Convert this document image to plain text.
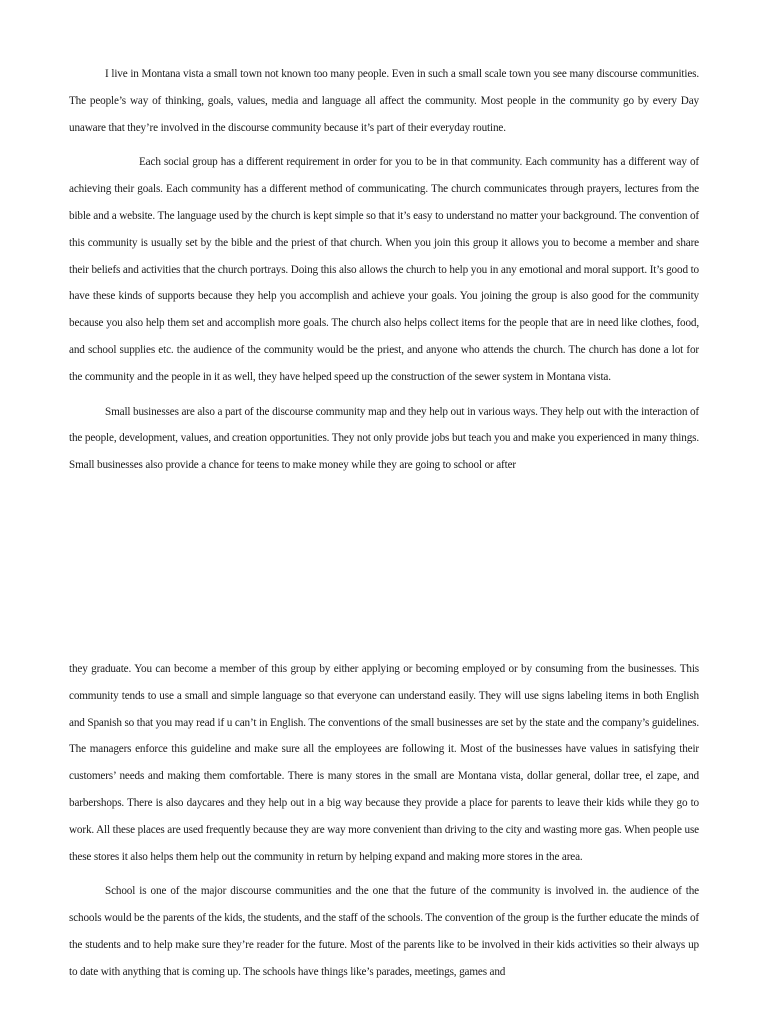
I live in Montana vista a small town not known too many people. Even in such a small scale town you see many discourse communities. The people’s way of thinking, goals, values, media and language all affect the community. Most people in the community go by every Day unaware that they’re involved in the discourse community because it’s part of their everyday routine.

Each social group has a different requirement in order for you to be in that community. Each community has a different way of achieving their goals. Each community has a different method of communicating. The church communicates through prayers, lectures from the bible and a website. The language used by the church is kept simple so that it’s easy to understand no matter your background. The convention of this community is usually set by the bible and the priest of that church. When you join this group it allows you to become a member and share their beliefs and activities that the church portrays. Doing this also allows the church to help you in any emotional and moral support. It’s good to have these kinds of supports because they help you accomplish and achieve your goals. You joining the group is also good for the community because you also help them set and accomplish more goals. The church also helps collect items for the people that are in need like clothes, food, and school supplies etc. the audience of the community would be the priest, and anyone who attends the church. The church has done a lot for the community and the people in it as well, they have helped speed up the construction of the sewer system in Montana vista.

Small businesses are also a part of the discourse community map and they help out in various ways. They help out with the interaction of the people, development, values, and creation opportunities. They not only provide jobs but teach you and make you experienced in many things. Small businesses also provide a chance for teens to make money while they are going to school or after

they graduate. You can become a member of this group by either applying or becoming employed or by consuming from the businesses. This community tends to use a small and simple language so that everyone can understand easily. They will use signs labeling items in both English and Spanish so that you may read if u can’t in English. The conventions of the small businesses are set by the state and the company’s guidelines. The managers enforce this guideline and make sure all the employees are following it. Most of the businesses have values in satisfying their customers’ needs and making them comfortable. There is many stores in the small are Montana vista, dollar general, dollar tree, el zape, and barbershops. There is also daycares and they help out in a big way because they provide a place for parents to leave their kids while they go to work. All these places are used frequently because they are way more convenient than driving to the city and wasting more gas. When people use these stores it also helps them help out the community in return by helping expand and making more stores in the area.

School is one of the major discourse communities and the one that the future of the community is involved in. the audience of the schools would be the parents of the kids, the students, and the staff of the schools. The convention of the group is the further educate the minds of the students and to help make sure they’re reader for the future. Most of the parents like to be involved in their kids activities so their always up to date with anything that is coming up. The schools have things like’s parades, meetings, games and
